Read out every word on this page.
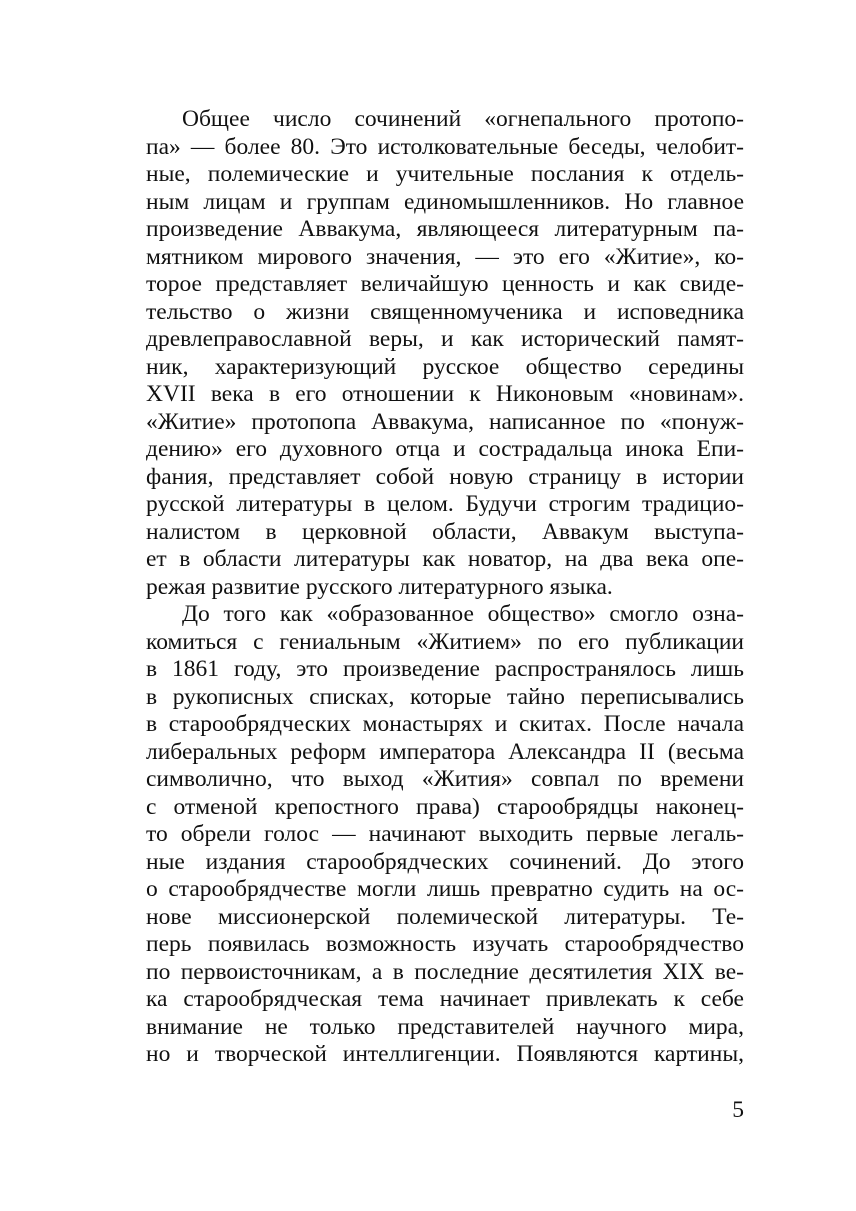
Общее число сочинений «огнепального протопо-
па» — более 80. Это истолковательные беседы, челобит-
ные, полемические и учительные послания к отдель-
ным лицам и группам единомышленников. Но главное
произведение Аввакума, являющееся литературным па-
мятником мирового значения, — это его «Житие», ко-
торое представляет величайшую ценность и как свиде-
тельство о жизни священномученика и исповедника
древлеправославной веры, и как исторический памят-
ник, характеризующий русское общество середины
XVII века в его отношении к Никоновым «новинам».
«Житие» протопопа Аввакума, написанное по «понуж-
дению» его духовного отца и сострадальца инока Епи-
фания, представляет собой новую страницу в истории
русской литературы в целом. Будучи строгим традицио-
налистом в церковной области, Аввакум выступа-
ет в области литературы как новатор, на два века опе-
режая развитие русского литературного языка.
До того как «образованное общество» смогло озна-
комиться с гениальным «Житием» по его публикации
в 1861 году, это произведение распространялось лишь
в рукописных списках, которые тайно переписывались
в старообрядческих монастырях и скитах. После начала
либеральных реформ императора Александра II (весьма
символично, что выход «Жития» совпал по времени
с отменой крепостного права) старообрядцы наконец-
то обрели голос — начинают выходить первые легаль-
ные издания старообрядческих сочинений. До этого
о старообрядчестве могли лишь превратно судить на ос-
нове миссионерской полемической литературы. Те-
перь появилась возможность изучать старообрядчество
по первоисточникам, а в последние десятилетия XIX ве-
ка старообрядческая тема начинает привлекать к себе
внимание не только представителей научного мира,
но и творческой интеллигенции. Появляются картины,
5
